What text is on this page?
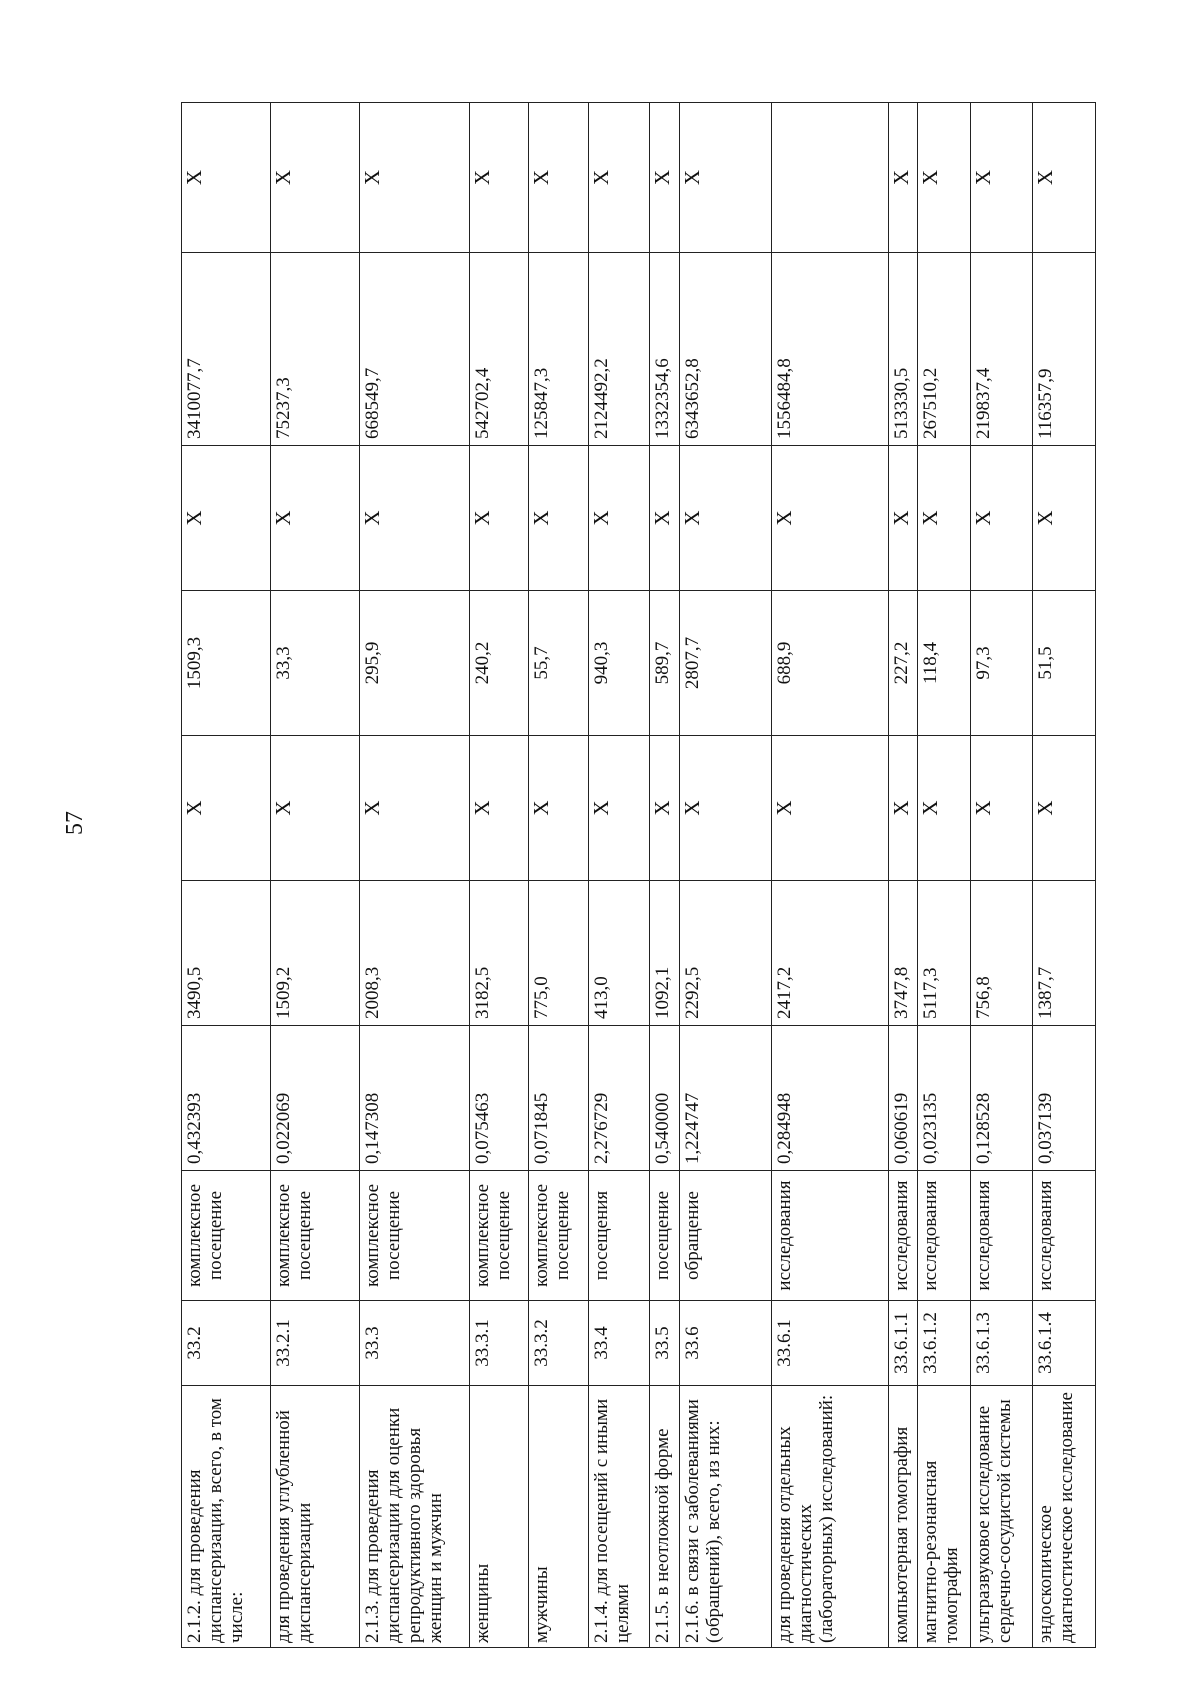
57
2.1.2. для проведения диспансеризации, всего, в том числе:	33.2	комплексное посещение	0,432393	3490,5	X	1509,3	X	3410077,7	X
для проведения углубленной диспансеризации	33.2.1	комплексное посещение	0,022069	1509,2	X	33,3	X	75237,3	X
2.1.3. для проведения диспансеризации для оценки репродуктивного здоровья женщин и мужчин	33.3	комплексное посещение	0,147308	2008,3	X	295,9	X	668549,7	X
женщины	33.3.1	комплексное посещение	0,075463	3182,5	X	240,2	X	542702,4	X
мужчины	33.3.2	комплексное посещение	0,071845	775,0	X	55,7	X	125847,3	X
2.1.4. для посещений с иными целями	33.4	посещения	2,276729	413,0	X	940,3	X	2124492,2	X
2.1.5. в неотложной форме	33.5	посещение	0,540000	1092,1	X	589,7	X	1332354,6	X
2.1.6. в связи с заболеваниями (обращений), всего, из них:	33.6	обращение	1,224747	2292,5	X	2807,7	X	6343652,8	X
для проведения отдельных диагностических (лабораторных) исследований:	33.6.1	исследования	0,284948	2417,2	X	688,9	X	1556484,8	
компьютерная томография	33.6.1.1	исследования	0,060619	3747,8	X	227,2	X	513330,5	X
магнитно-резонансная томография	33.6.1.2	исследования	0,023135	5117,3	X	118,4	X	267510,2	X
ультразвуковое исследование сердечно-сосудистой системы	33.6.1.3	исследования	0,128528	756,8	X	97,3	X	219837,4	X
эндоскопическое диагностическое исследование	33.6.1.4	исследования	0,037139	1387,7	X	51,5	X	116357,9	X
